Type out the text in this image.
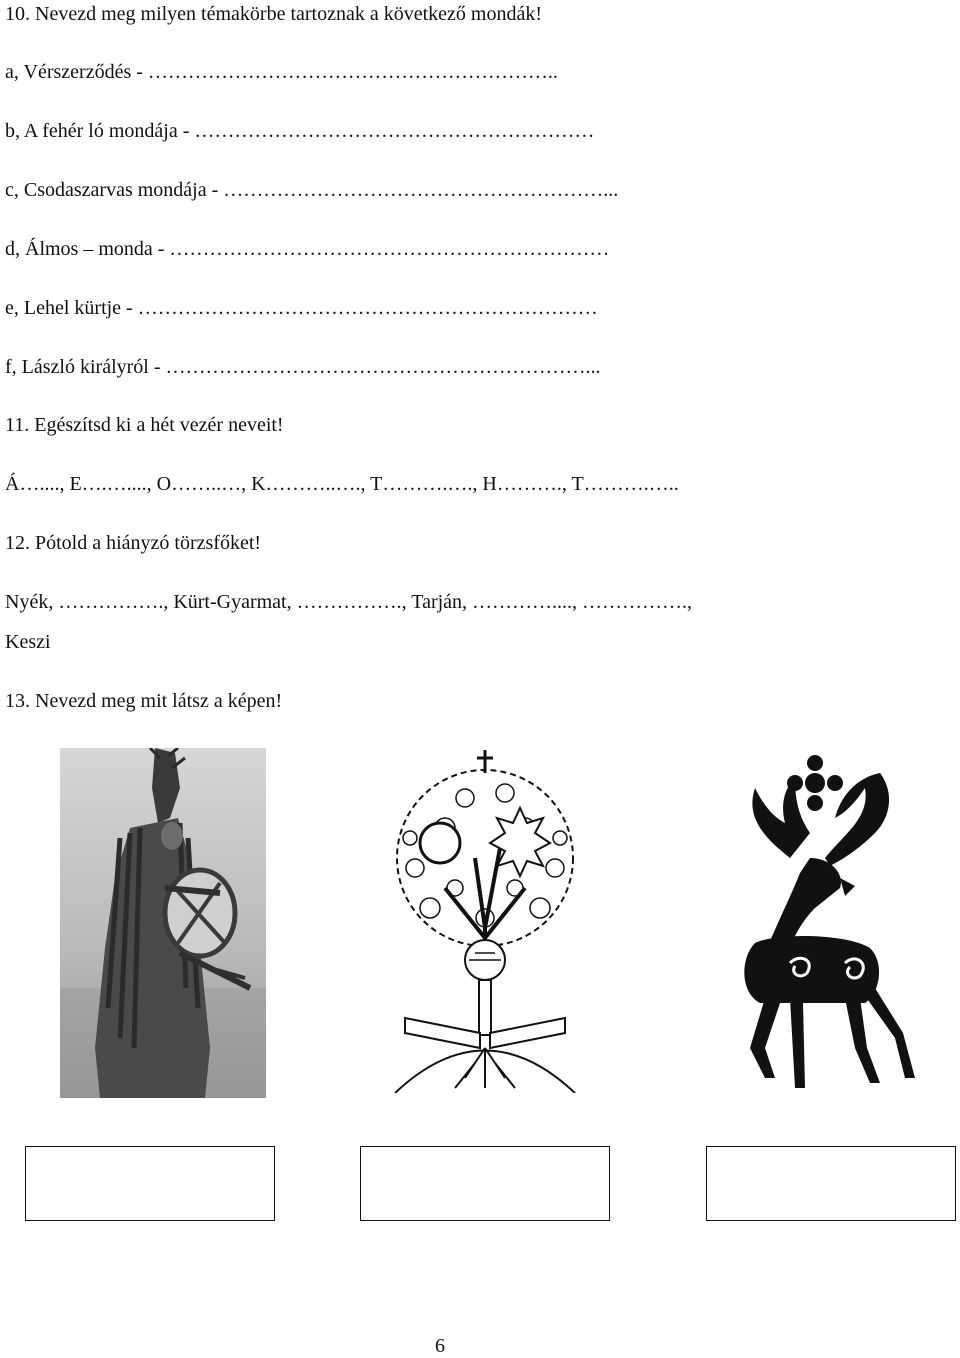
10. Nevezd meg milyen témakörbe tartoznak a következő mondák!
a, Vérszerződés - ……………………………………………………..
b, A fehér ló mondája - ……………………………………………………
c, Csodaszarvas mondája - …………………………………………………...
d, Álmos – monda - …………………………………………………………
e, Lehel kürtje - ……………………………………………………………
f, László királyról - ………………………………………………………...
11. Egészítsd ki a hét vezér neveit!
Á…...., E….…...., O……..…, K………..…., T……….…., H………., T……….…..
12. Pótold a hiányzó törzsfőket!
Nyék, ……………., Kürt-Gyarmat, ……………., Tarján, …………...., …………….,
Keszi
13. Nevezd meg mit látsz a képen!
6
